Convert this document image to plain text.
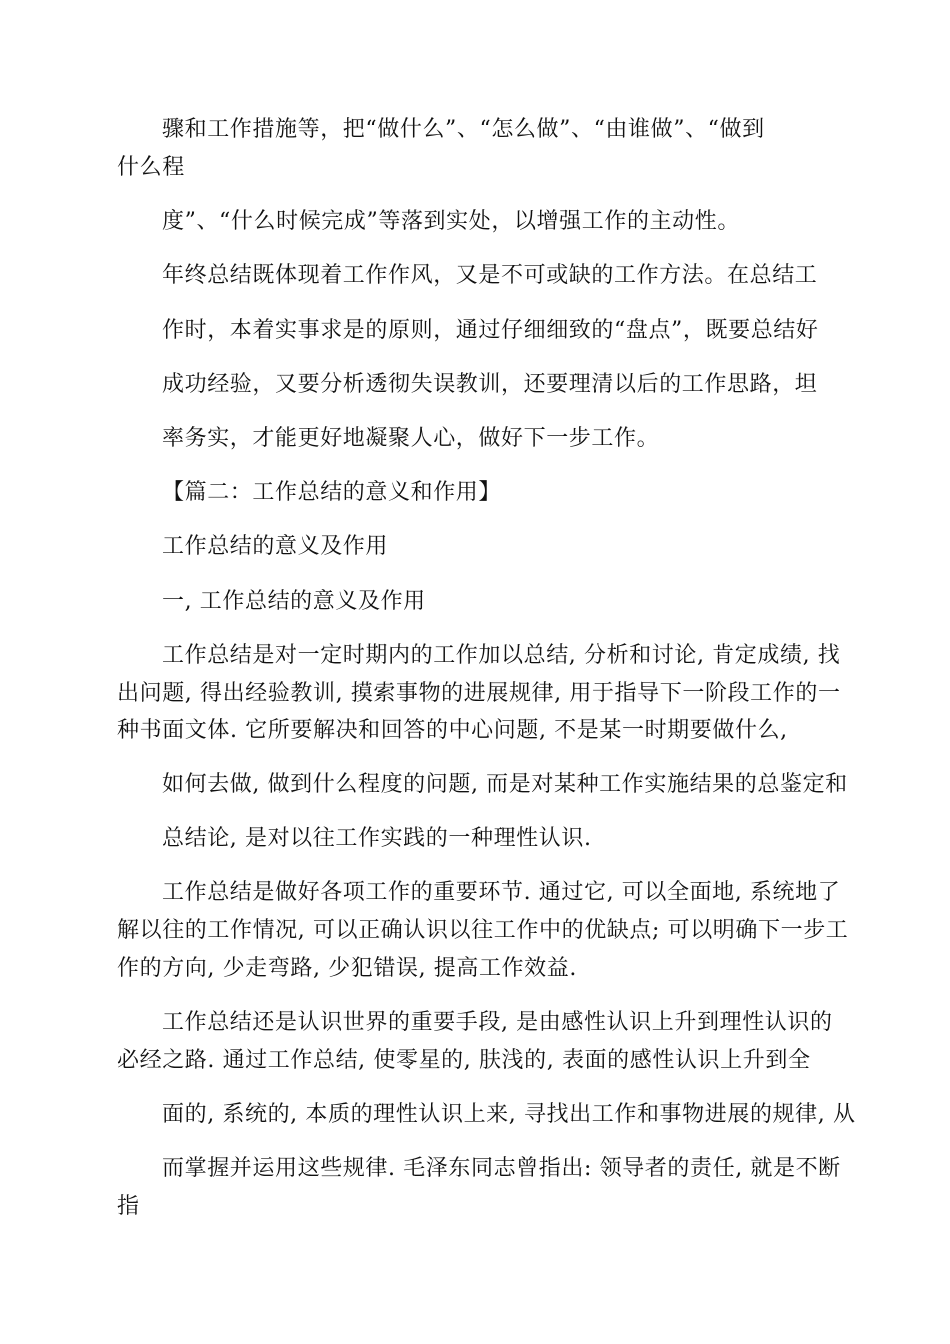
骤和工作措施等，把“做什么”、“怎么做”、“由谁做”、“做到
什么程
度”、“什么时候完成”等落到实处，以增强工作的主动性。
年终总结既体现着工作作风，又是不可或缺的工作方法。在总结工
作时，本着实事求是的原则，通过仔细细致的“盘点”，既要总结好
成功经验，又要分析透彻失误教训，还要理清以后的工作思路，坦
率务实，才能更好地凝聚人心，做好下一步工作。
【篇二：工作总结的意义和作用】
工作总结的意义及作用
一, 工作总结的意义及作用
工作总结是对一定时期内的工作加以总结, 分析和讨论, 肯定成绩, 找
出问题, 得出经验教训, 摸索事物的进展规律, 用于指导下一阶段工作的一
种书面文体. 它所要解决和回答的中心问题, 不是某一时期要做什么,
如何去做, 做到什么程度的问题, 而是对某种工作实施结果的总鉴定和
总结论, 是对以往工作实践的一种理性认识.
工作总结是做好各项工作的重要环节. 通过它, 可以全面地, 系统地了
解以往的工作情况, 可以正确认识以往工作中的优缺点; 可以明确下一步工
作的方向, 少走弯路, 少犯错误, 提高工作效益.
工作总结还是认识世界的重要手段, 是由感性认识上升到理性认识的
必经之路. 通过工作总结, 使零星的, 肤浅的, 表面的感性认识上升到全
面的, 系统的, 本质的理性认识上来, 寻找出工作和事物进展的规律, 从
而掌握并运用这些规律. 毛泽东同志曾指出: 领导者的责任, 就是不断
指
